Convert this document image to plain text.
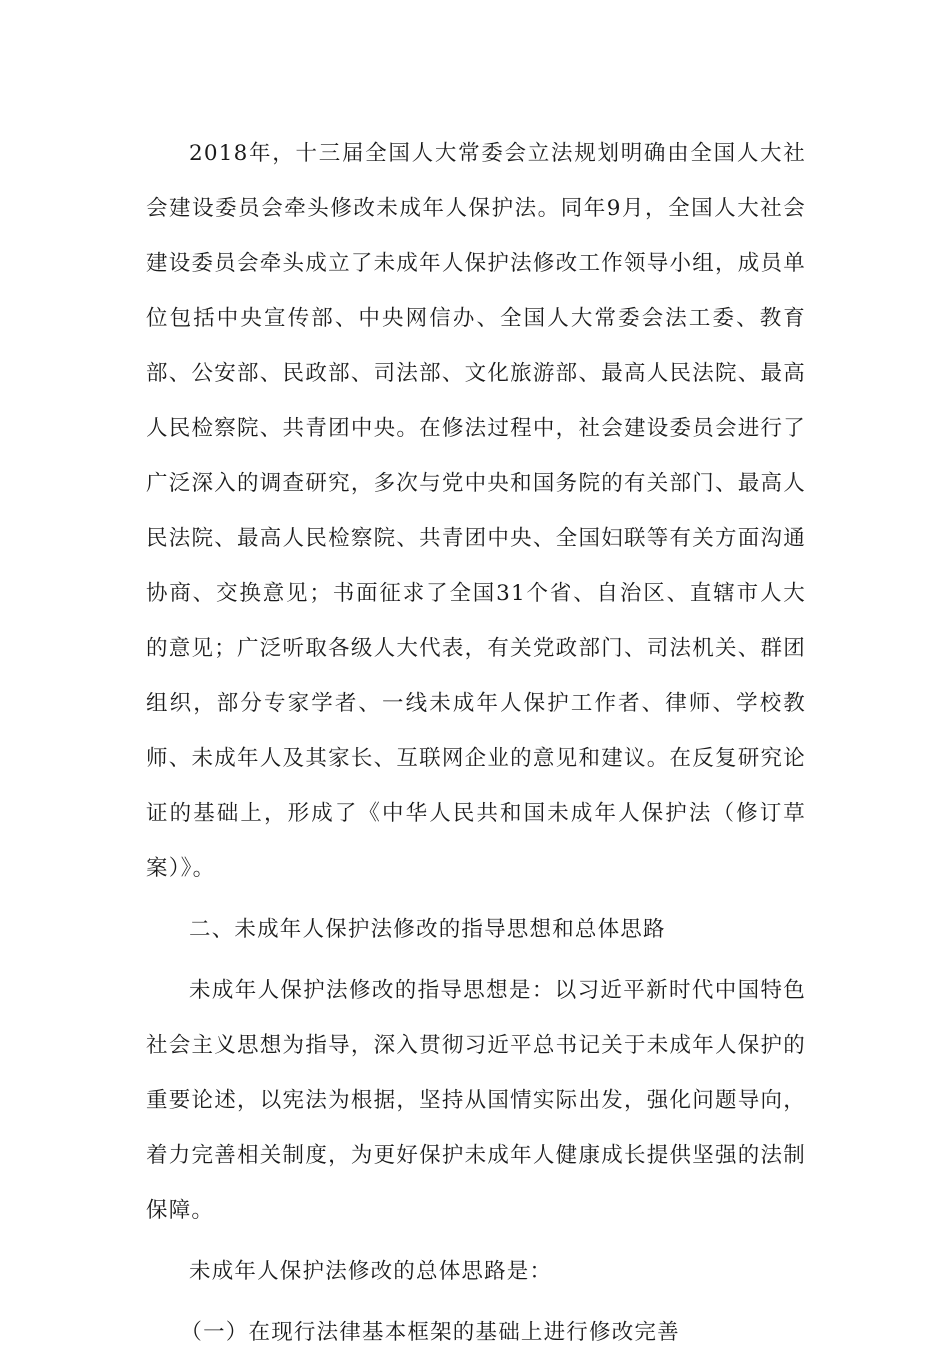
2018年，十三届全国人大常委会立法规划明确由全国人大社会建设委员会牵头修改未成年人保护法。同年9月，全国人大社会建设委员会牵头成立了未成年人保护法修改工作领导小组，成员单位包括中央宣传部、中央网信办、全国人大常委会法工委、教育部、公安部、民政部、司法部、文化旅游部、最高人民法院、最高人民检察院、共青团中央。在修法过程中，社会建设委员会进行了广泛深入的调查研究，多次与党中央和国务院的有关部门、最高人民法院、最高人民检察院、共青团中央、全国妇联等有关方面沟通协商、交换意见；书面征求了全国31个省、自治区、直辖市人大的意见；广泛听取各级人大代表，有关党政部门、司法机关、群团组织，部分专家学者、一线未成年人保护工作者、律师、学校教师、未成年人及其家长、互联网企业的意见和建议。在反复研究论证的基础上，形成了《中华人民共和国未成年人保护法（修订草案）》。

二、未成年人保护法修改的指导思想和总体思路

未成年人保护法修改的指导思想是：以习近平新时代中国特色社会主义思想为指导，深入贯彻习近平总书记关于未成年人保护的重要论述，以宪法为根据，坚持从国情实际出发，强化问题导向，着力完善相关制度，为更好保护未成年人健康成长提供坚强的法制保障。

未成年人保护法修改的总体思路是：

（一）在现行法律基本框架的基础上进行修改完善
